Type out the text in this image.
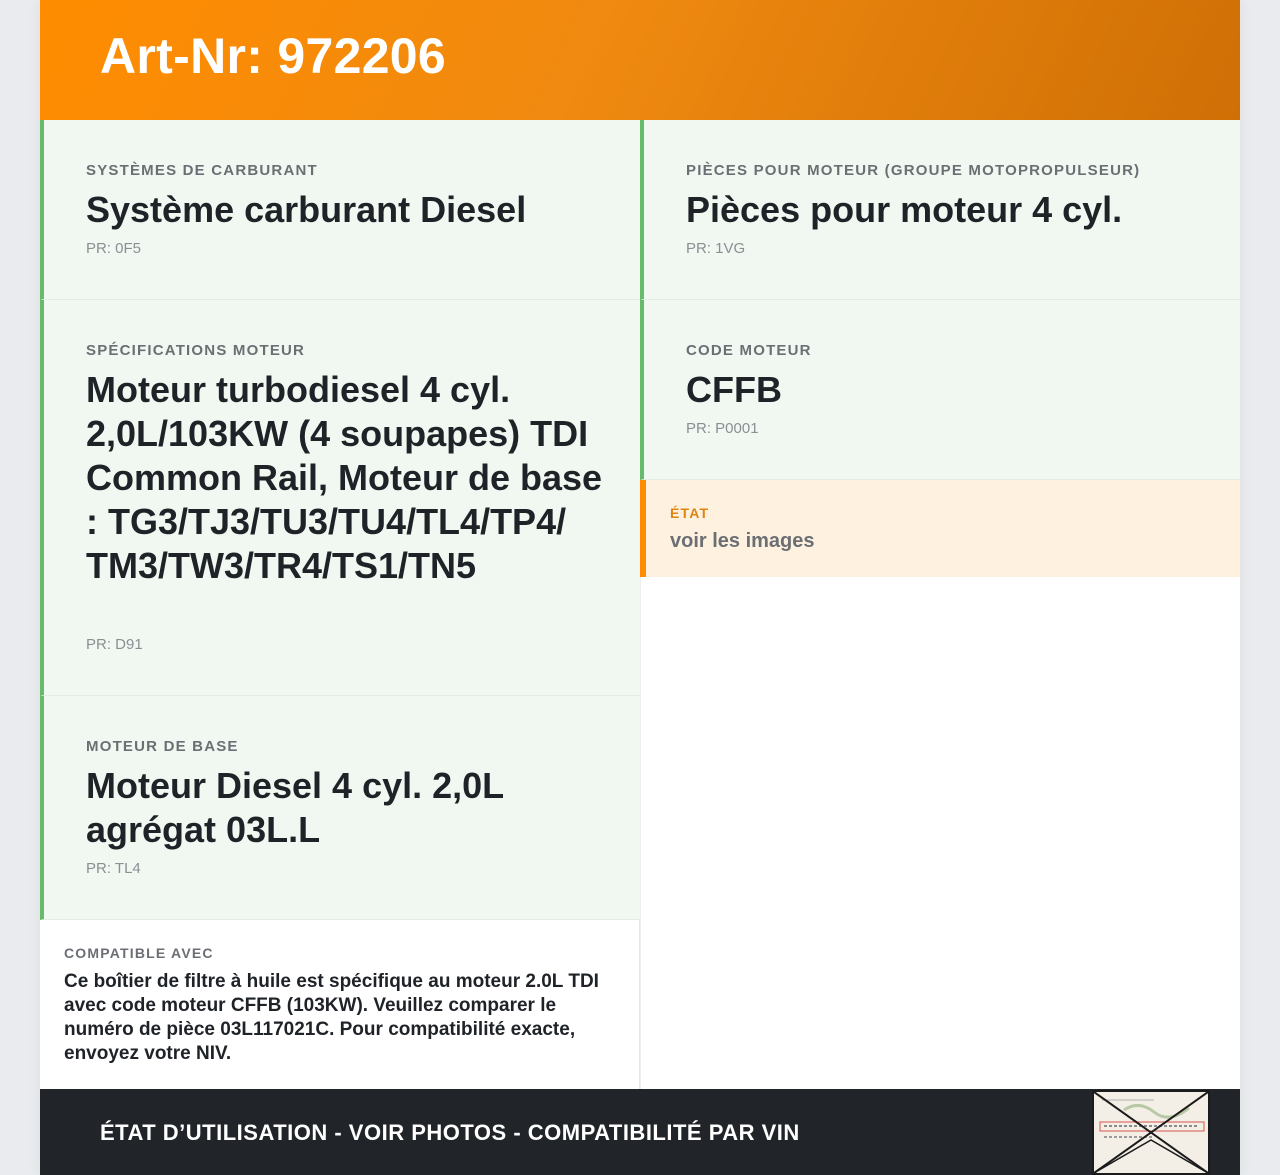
Art-Nr: 972206
SYSTÈMES DE CARBURANT
Système carburant Diesel
PR: 0F5
SPÉCIFICATIONS MOTEUR
Moteur turbodiesel 4 cyl. 2,0L/103KW (4 soupapes) TDI Common Rail, Moteur de base : TG3/TJ3/TU3/TU4/TL4/TP4/ TM3/TW3/TR4/TS1/TN5
PR: D91
MOTEUR DE BASE
Moteur Diesel 4 cyl. 2,0L agrégat 03L.L
PR: TL4
COMPATIBLE AVEC
Ce boîtier de filtre à huile est spécifique au moteur 2.0L TDI avec code moteur CFFB (103KW). Veuillez comparer le numéro de pièce 03L117021C. Pour compatibilité exacte, envoyez votre NIV.
PIÈCES POUR MOTEUR (GROUPE MOTOPROPULSEUR)
Pièces pour moteur 4 cyl.
PR: 1VG
CODE MOTEUR
CFFB
PR: P0001
ÉTAT
voir les images
ÉTAT D’UTILISATION - VOIR PHOTOS - COMPATIBILITÉ PAR VIN
